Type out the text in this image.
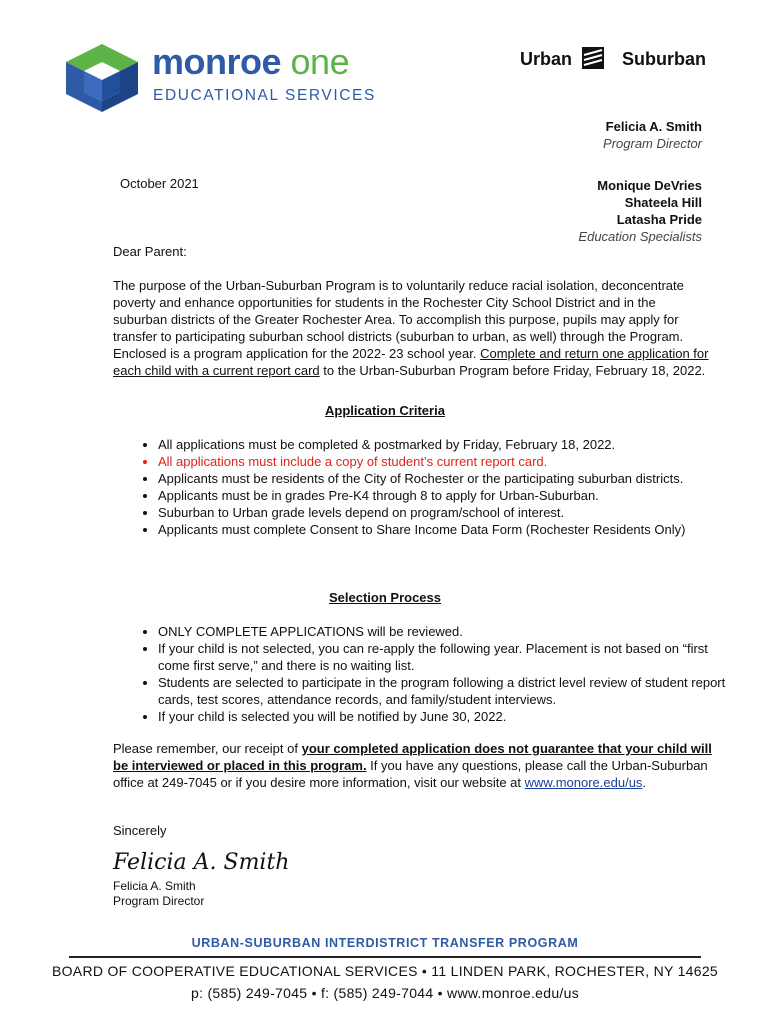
monroe one
EDUCATIONAL SERVICES
Urban	Suburban
Felicia A. Smith
Program Director
Monique DeVries
Shateela Hill
Latasha Pride
Education Specialists
October 2021
Dear Parent:
The purpose of the Urban-Suburban Program is to voluntarily reduce racial isolation, deconcentrate poverty and enhance opportunities for students in the Rochester City School District and in the suburban districts of the Greater Rochester Area. To accomplish this purpose, pupils may apply for transfer to participating suburban school districts (suburban to urban, as well) through the Program. Enclosed is a program application for the 2022- 23 school year. Complete and return one application for each child with a current report card to the Urban-Suburban Program before Friday, February 18, 2022.
Application Criteria
• All applications must be completed & postmarked by Friday, February 18, 2022.
• All applications must include a copy of student’s current report card.
• Applicants must be residents of the City of Rochester or the participating suburban districts.
• Applicants must be in grades Pre-K4 through 8 to apply for Urban-Suburban.
• Suburban to Urban grade levels depend on program/school of interest.
• Applicants must complete Consent to Share Income Data Form (Rochester Residents Only)
Selection Process
• ONLY COMPLETE APPLICATIONS will be reviewed.
• If your child is not selected, you can re-apply the following year. Placement is not based on “first come first serve,” and there is no waiting list.
• Students are selected to participate in the program following a district level review of student report cards, test scores, attendance records, and family/student interviews.
• If your child is selected you will be notified by June 30, 2022.
Please remember, our receipt of your completed application does not guarantee that your child will be interviewed or placed in this program. If you have any questions, please call the Urban-Suburban office at 249-7045 or if you desire more information, visit our website at www.monore.edu/us.
Sincerely
Felicia A. Smith
Felicia A. Smith
Program Director
URBAN-SUBURBAN INTERDISTRICT TRANSFER PROGRAM
BOARD OF COOPERATIVE EDUCATIONAL SERVICES • 11 LINDEN PARK, ROCHESTER, NY 14625
p: (585) 249-7045 • f: (585) 249-7044 • www.monroe.edu/us
